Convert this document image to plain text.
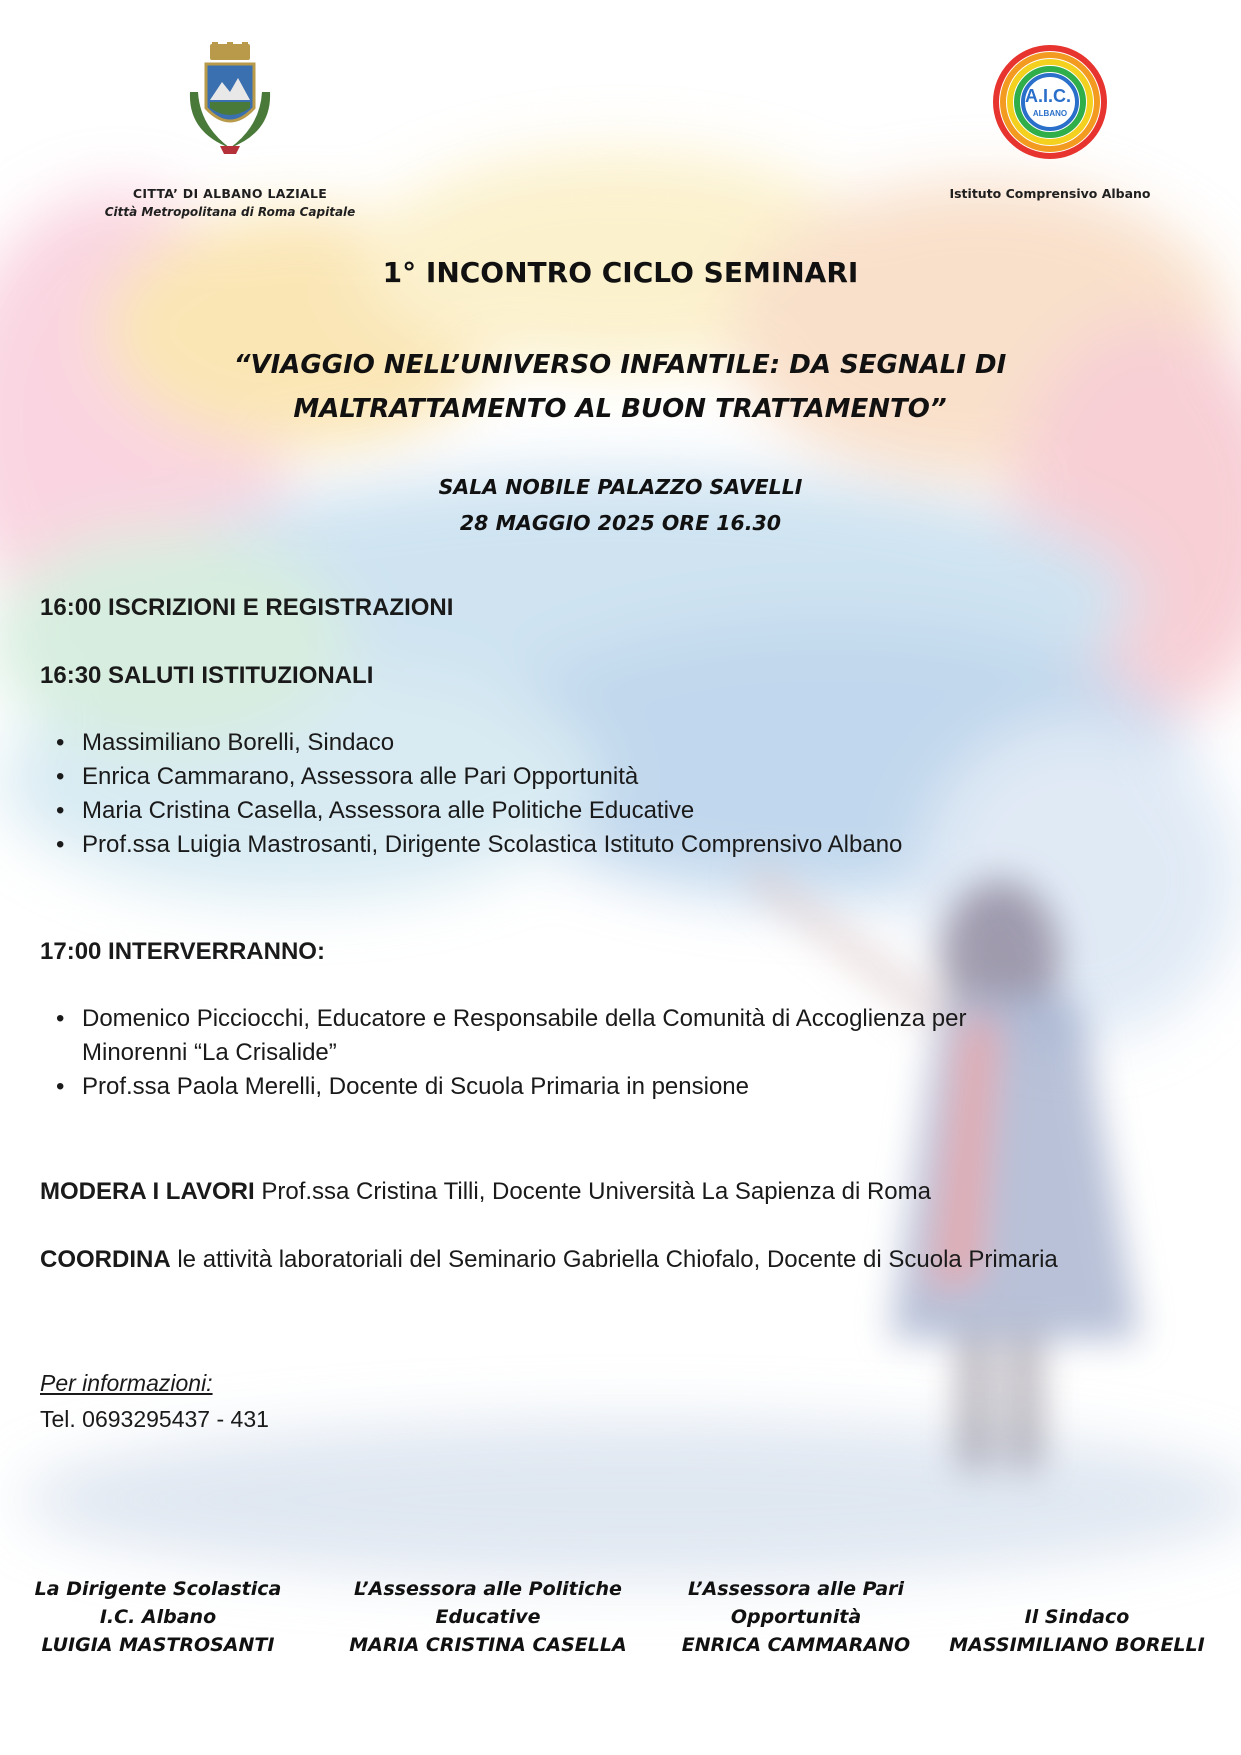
CITTA’ DI ALBANO LAZIALE
Città Metropolitana di Roma Capitale
A.I.C.
ALBANO
Istituto Comprensivo Albano
1° INCONTRO CICLO SEMINARI
“VIAGGIO NELL’UNIVERSO INFANTILE: DA SEGNALI DI
MALTRATTAMENTO AL BUON TRATTAMENTO”
SALA NOBILE PALAZZO SAVELLI
28 MAGGIO 2025 ORE 16.30
16:00 ISCRIZIONI E REGISTRAZIONI
16:30 SALUTI ISTITUZIONALI
• Massimiliano Borelli, Sindaco
• Enrica Cammarano, Assessora alle Pari Opportunità
• Maria Cristina Casella, Assessora alle Politiche Educative
• Prof.ssa Luigia Mastrosanti, Dirigente Scolastica Istituto Comprensivo Albano
17:00 INTERVERRANNO:
• Domenico Picciocchi, Educatore e Responsabile della Comunità di Accoglienza per
Minorenni “La Crisalide”
• Prof.ssa Paola Merelli, Docente di Scuola Primaria in pensione
MODERA I LAVORI Prof.ssa Cristina Tilli, Docente Università La Sapienza di Roma
COORDINA le attività laboratoriali del Seminario Gabriella Chiofalo, Docente di Scuola Primaria
Per informazioni:
Tel. 0693295437 - 431
La Dirigente Scolastica
I.C. Albano
LUIGIA MASTROSANTI
L’Assessora alle Politiche
Educative
MARIA CRISTINA CASELLA
L’Assessora alle Pari
Opportunità
ENRICA CAMMARANO
Il Sindaco
MASSIMILIANO BORELLI
